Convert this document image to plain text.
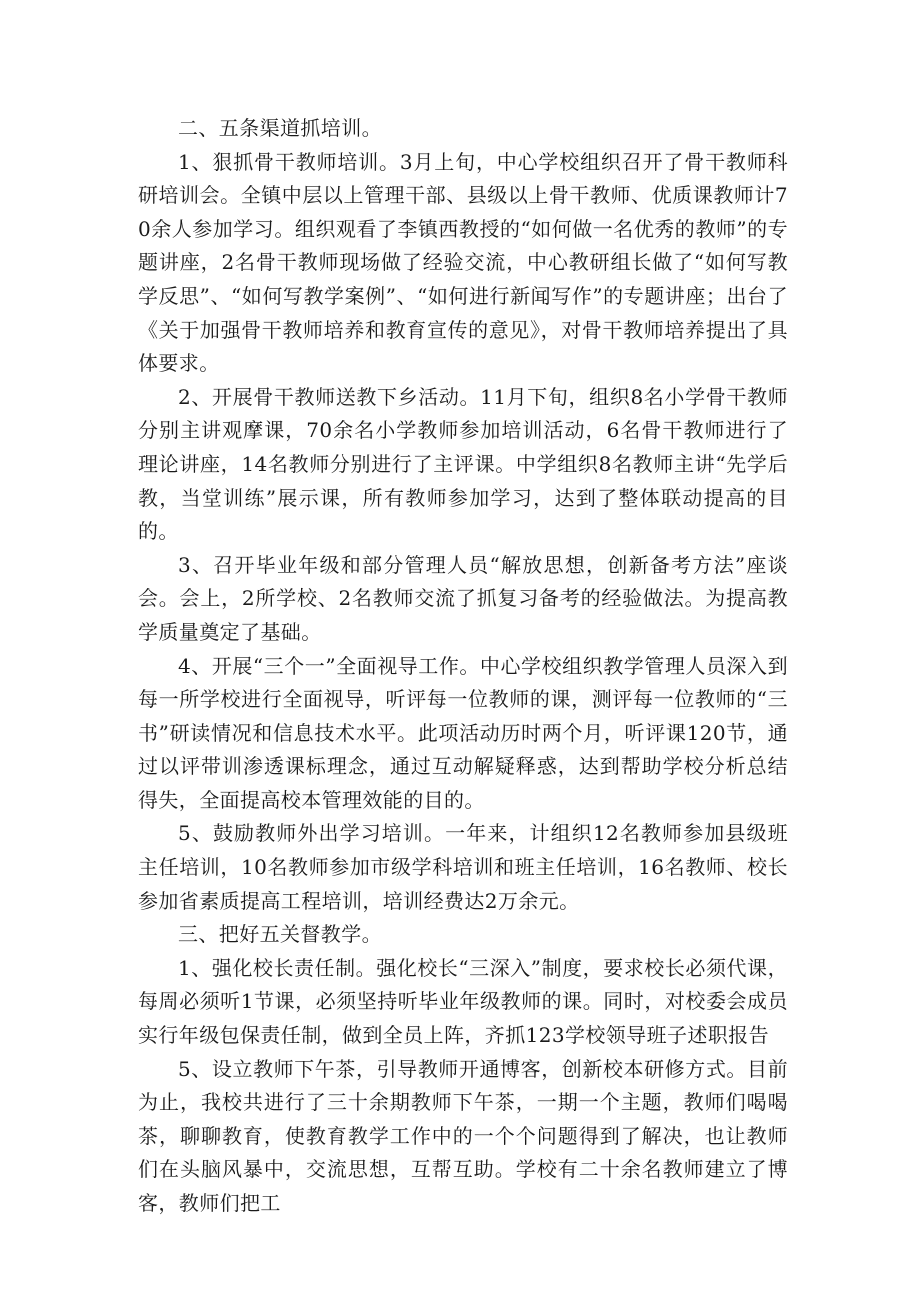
二、五条渠道抓培训。

1、狠抓骨干教师培训。3月上旬，中心学校组织召开了骨干教师科研培训会。全镇中层以上管理干部、县级以上骨干教师、优质课教师计70余人参加学习。组织观看了李镇西教授的“如何做一名优秀的教师”的专题讲座，2名骨干教师现场做了经验交流，中心教研组长做了“如何写教学反思”、“如何写教学案例”、“如何进行新闻写作”的专题讲座；出台了《关于加强骨干教师培养和教育宣传的意见》，对骨干教师培养提出了具体要求。

2、开展骨干教师送教下乡活动。11月下旬，组织8名小学骨干教师分别主讲观摩课，70余名小学教师参加培训活动，6名骨干教师进行了理论讲座，14名教师分别进行了主评课。中学组织8名教师主讲“先学后教，当堂训练”展示课，所有教师参加学习，达到了整体联动提高的目的。

3、召开毕业年级和部分管理人员“解放思想，创新备考方法”座谈会。会上，2所学校、2名教师交流了抓复习备考的经验做法。为提高教学质量奠定了基础。

4、开展“三个一”全面视导工作。中心学校组织教学管理人员深入到每一所学校进行全面视导，听评每一位教师的课，测评每一位教师的“三书”研读情况和信息技术水平。此项活动历时两个月，听评课120节，通过以评带训渗透课标理念，通过互动解疑释惑，达到帮助学校分析总结得失，全面提高校本管理效能的目的。

5、鼓励教师外出学习培训。一年来，计组织12名教师参加县级班主任培训，10名教师参加市级学科培训和班主任培训，16名教师、校长参加省素质提高工程培训，培训经费达2万余元。

三、把好五关督教学。

1、强化校长责任制。强化校长“三深入”制度，要求校长必须代课，每周必须听1节课，必须坚持听毕业年级教师的课。同时，对校委会成员实行年级包保责任制，做到全员上阵，齐抓123学校领导班子述职报告

5、设立教师下午茶，引导教师开通博客，创新校本研修方式。目前为止，我校共进行了三十余期教师下午茶，一期一个主题，教师们喝喝茶，聊聊教育，使教育教学工作中的一个个问题得到了解决，也让教师们在头脑风暴中，交流思想，互帮互助。学校有二十余名教师建立了博客，教师们把工
